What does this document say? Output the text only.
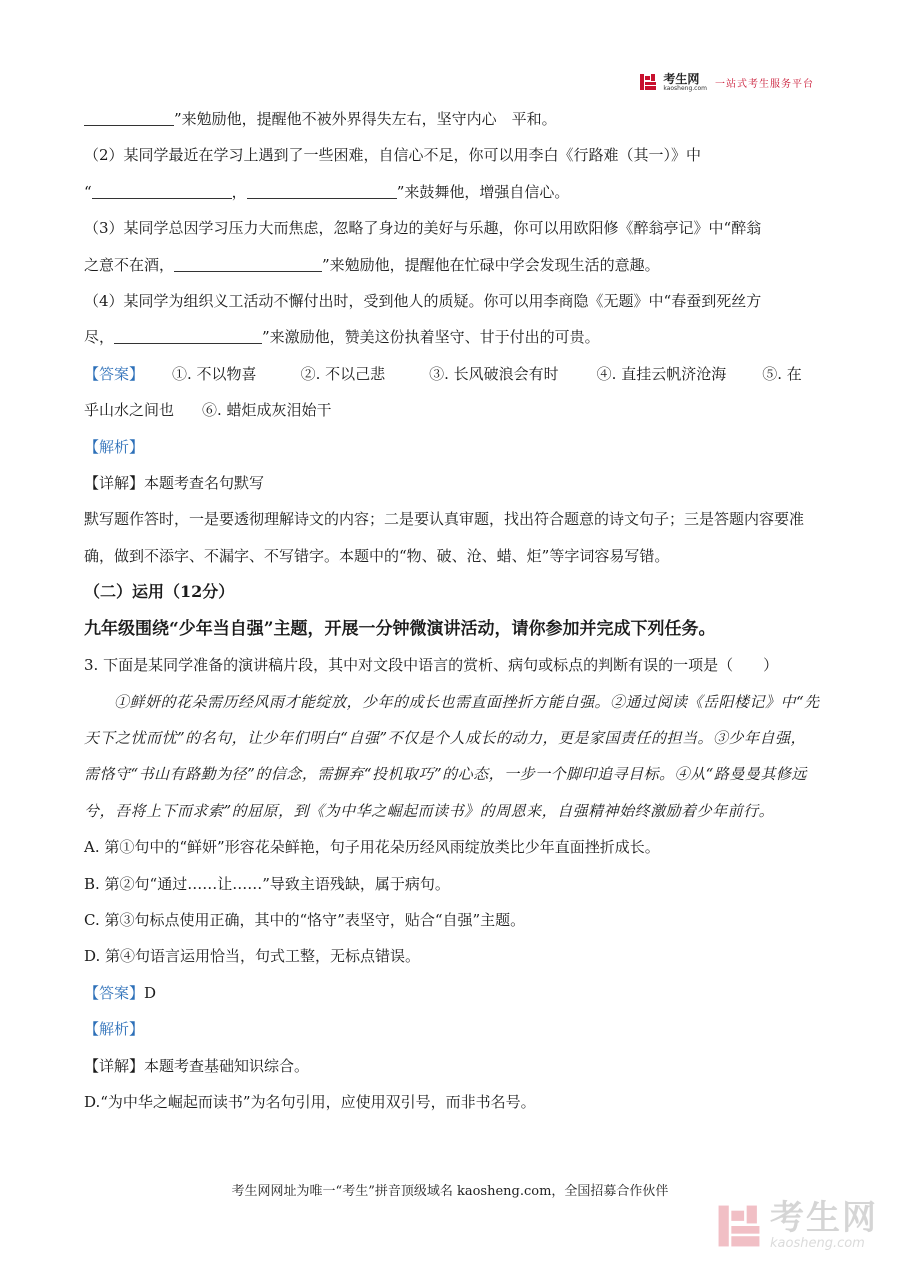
考生网
kaosheng.com 一站式考生服务平台

”来勉励他，提醒他不被外界得失左右，坚守内心　平和。

（2）某同学最近在学习上遇到了一些困难，自信心不足，你可以用李白《行路难（其一）》中

“	，	”来鼓舞他，增强自信心。

（3）某同学总因学习压力大而焦虑，忽略了身边的美好与乐趣，你可以用欧阳修《醉翁亭记》中“醉翁

之意不在酒，	”来勉励他，提醒他在忙碌中学会发现生活的意趣。

（4）某同学为组织义工活动不懈付出时，受到他人的质疑。你可以用李商隐《无题》中“春蚕到死丝方

尽，	”来激励他，赞美这份执着坚守、甘于付出的可贵。

【答案】 ①. 不以物喜	②. 不以己悲	③. 长风破浪会有时	④. 直挂云帆济沧海 ⑤. 在

乎山水之间也 ⑥. 蜡炬成灰泪始干

【解析】

【详解】本题考查名句默写

默写题作答时，一是要透彻理解诗文的内容；二是要认真审题，找出符合题意的诗文句子；三是答题内容要准确，做到不添字、不漏字、不写错字。本题中的“物、破、沧、蜡、炬”等字词容易写错。

（二）运用（12分）

九年级围绕“少年当自强”主题，开展一分钟微演讲活动，请你参加并完成下列任务。

3. 下面是某同学准备的演讲稿片段，其中对文段中语言的赏析、病句或标点的判断有误的一项是（　　）

①鲜妍的花朵需历经风雨才能绽放，少年的成长也需直面挫折方能自强。②通过阅读《岳阳楼记》中“先天下之忧而忧”的名句，让少年们明白“自强”不仅是个人成长的动力，更是家国责任的担当。③少年自强，需恪守“书山有路勤为径”的信念，需摒弃“投机取巧”的心态，一步一个脚印追寻目标。④从“路曼曼其修远兮，吾将上下而求索”的屈原，到《为中华之崛起而读书》的周恩来，自强精神始终激励着少年前行。

A. 第①句中的“鲜妍”形容花朵鲜艳，句子用花朵历经风雨绽放类比少年直面挫折成长。

B. 第②句“通过……让……”导致主语残缺，属于病句。

C. 第③句标点使用正确，其中的“恪守”表坚守，贴合“自强”主题。

D. 第④句语言运用恰当，句式工整，无标点错误。

【答案】D

【解析】

【详解】本题考查基础知识综合。

D.“为中华之崛起而读书”为名句引用，应使用双引号，而非书名号。

考生网网址为唯一“考生”拼音顶级域名 kaosheng.com，全国招募合作伙伴
考生网
kaosheng.com
